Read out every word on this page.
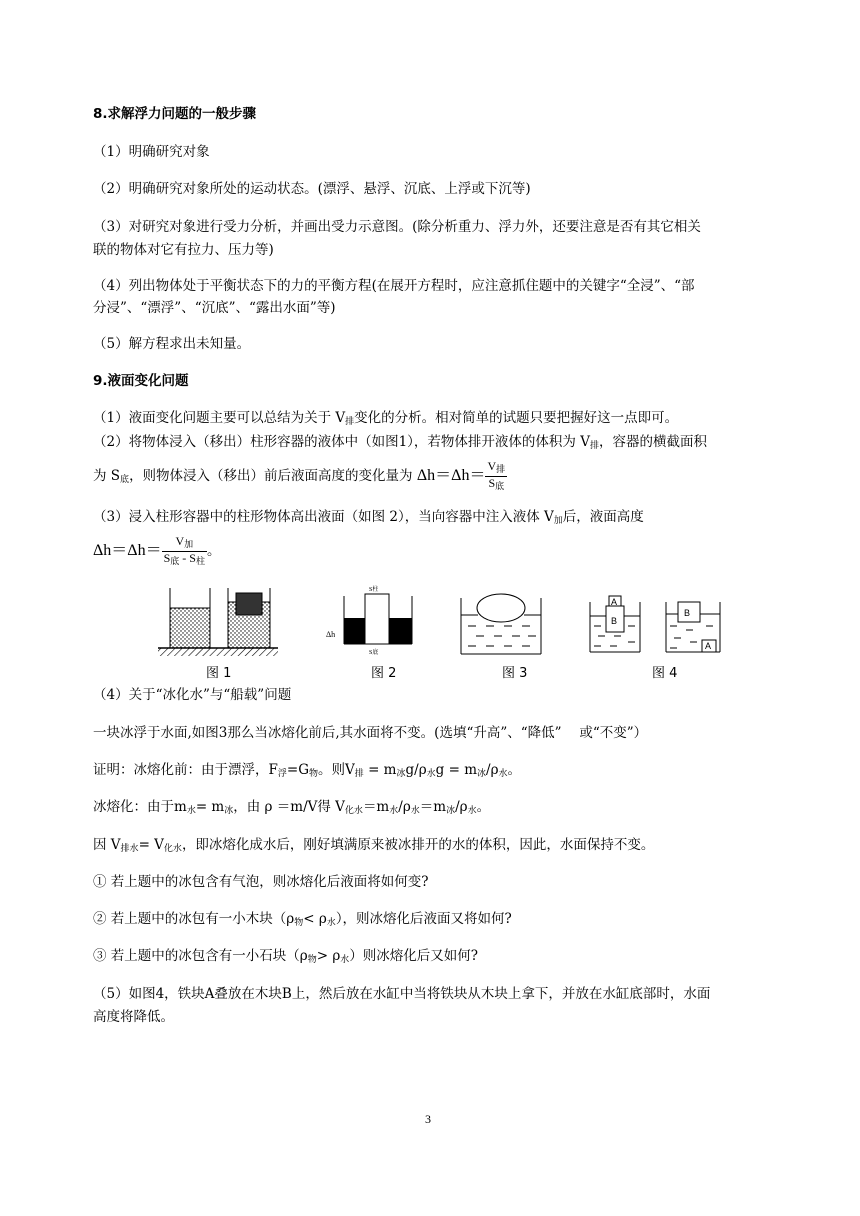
8.求解浮力问题的一般步骤
（1）明确研究对象
（2）明确研究对象所处的运动状态。(漂浮、悬浮、沉底、上浮或下沉等)
（3）对研究对象进行受力分析，并画出受力示意图。(除分析重力、浮力外，还要注意是否有其它相关
联的物体对它有拉力、压力等)
（4）列出物体处于平衡状态下的力的平衡方程(在展开方程时，应注意抓住题中的关键字“全浸”、“部
分浸”、“漂浮”、“沉底”、“露出水面”等)
（5）解方程求出未知量。
9.液面变化问题
（1）液面变化问题主要可以总结为关于 $V_排$变化的分析。相对简单的试题只要把握好这一点即可。
（2）将物体浸入（移出）柱形容器的液体中（如图1），若物体排开液体的体积为 $V_排$，容器的横截面积
为 $S_底$，则物体浸入（移出）前后液面高度的变化量为 $\Delta h=\Delta h= \frac{V_排}{S_底}$
（3）浸入柱形容器中的柱形物体高出液面（如图 2），当向容器中注入液体 $V_加$后，液面高度
$\Delta h=\Delta h= \frac{V_加}{S_底 - S_柱}$ 。
S柱
S底
Δh
A
B
B
A
图 1	图 2	图 3	图 4
（4）关于“冰化水”与“船载”问题
一块冰浮于水面,如图3那么当冰熔化前后,其水面将不变。(选填“升高”、“降低”　 或“不变”）
证明：冰熔化前：由于漂浮，$F_浮=G_物$。则$V_排 = m_冰g/\rho_水g = m_冰/\rho_水$。
冰熔化：由于$m_水= m_冰$，由 ρ ＝m/V得 $V_{化水}=m_水/\rho_水=m_冰/\rho_水$。
因 $V_{排水}= V_{化水}$，即冰熔化成水后，刚好填满原来被冰排开的水的体积，因此，水面保持不变。
① 若上题中的冰包含有气泡，则冰熔化后液面将如何变?
② 若上题中的冰包有一小木块$(\rho_物< \rho_水)$，则冰熔化后液面又将如何?
③ 若上题中的冰包含有一小石块$(\rho_物> \rho_水)$则冰熔化后又如何?
（5）如图4，铁块A叠放在木块B上，然后放在水缸中当将铁块从木块上拿下，并放在水缸底部时，水面
高度将降低。
3
